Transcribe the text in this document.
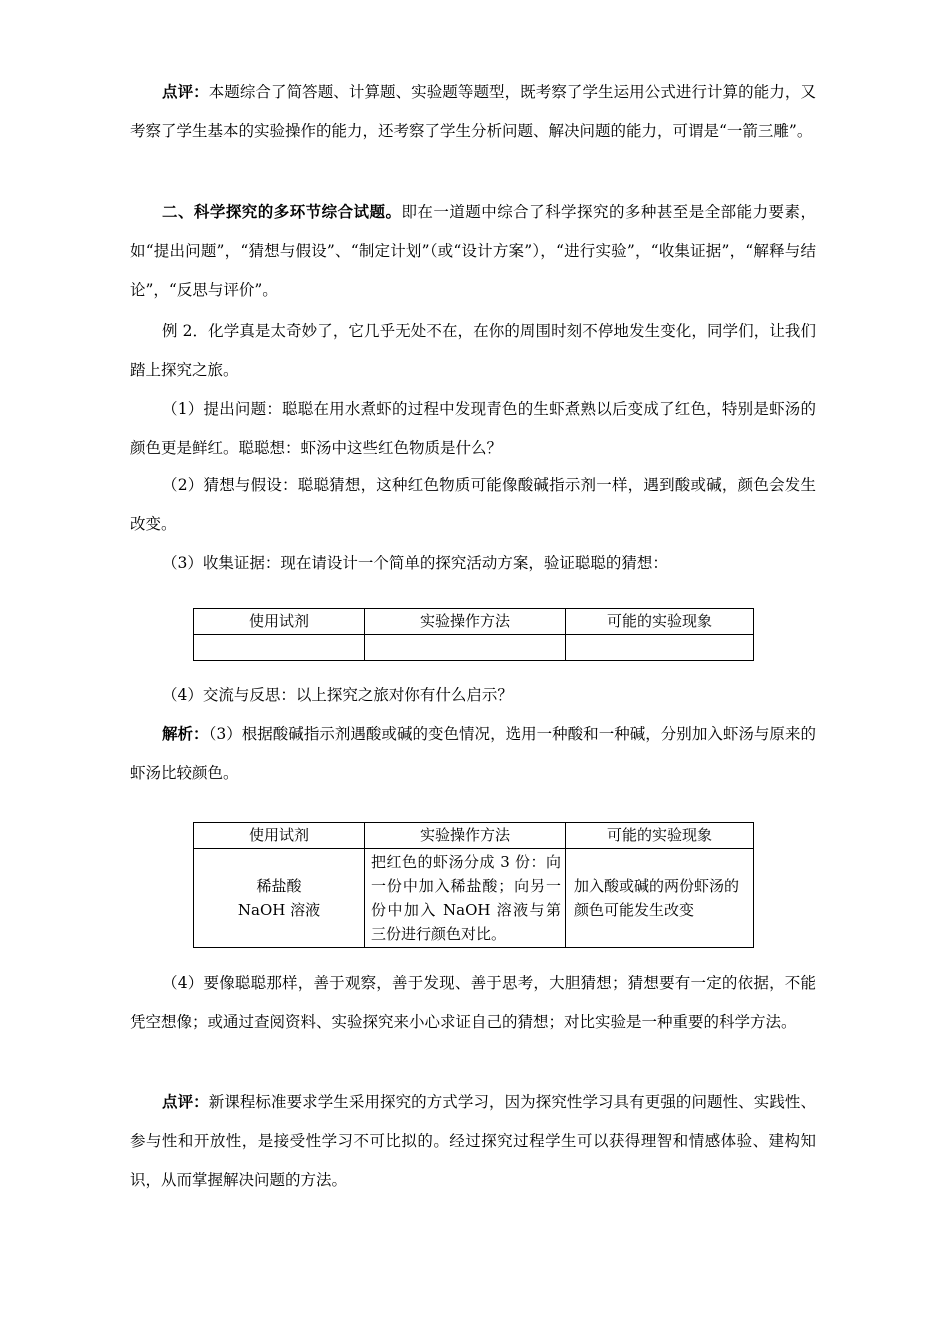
点评：本题综合了简答题、计算题、实验题等题型，既考察了学生运用公式进行计算的能力，又考察了学生基本的实验操作的能力，还考察了学生分析问题、解决问题的能力，可谓是“一箭三雕”。

二、科学探究的多环节综合试题。即在一道题中综合了科学探究的多种甚至是全部能力要素，如“提出问题”，“猜想与假设”、“制定计划”（或“设计方案”），“进行实验”，“收集证据”，“解释与结论”，“反思与评价”。

例 2．化学真是太奇妙了，它几乎无处不在，在你的周围时刻不停地发生变化，同学们，让我们踏上探究之旅。

（1）提出问题：聪聪在用水煮虾的过程中发现青色的生虾煮熟以后变成了红色，特别是虾汤的颜色更是鲜红。聪聪想：虾汤中这些红色物质是什么？

（2）猜想与假设：聪聪猜想，这种红色物质可能像酸碱指示剂一样，遇到酸或碱，颜色会发生改变。

（3）收集证据：现在请设计一个简单的探究活动方案，验证聪聪的猜想：

使用试剂	实验操作方法	可能的实验现象

（4）交流与反思：以上探究之旅对你有什么启示？

解析：（3）根据酸碱指示剂遇酸或碱的变色情况，选用一种酸和一种碱，分别加入虾汤与原来的虾汤比较颜色。

使用试剂	实验操作方法	可能的实验现象

稀盐酸
NaOH 溶液	把红色的虾汤分成 3 份：向一份中加入稀盐酸；向另一份中加入 NaOH 溶液与第三份进行颜色对比。	加入酸或碱的两份虾汤的颜色可能发生改变

（4）要像聪聪那样，善于观察，善于发现、善于思考，大胆猜想；猜想要有一定的依据，不能凭空想像；或通过查阅资料、实验探究来小心求证自己的猜想；对比实验是一种重要的科学方法。

点评：新课程标准要求学生采用探究的方式学习，因为探究性学习具有更强的问题性、实践性、参与性和开放性，是接受性学习不可比拟的。经过探究过程学生可以获得理智和情感体验、建构知识，从而掌握解决问题的方法。
